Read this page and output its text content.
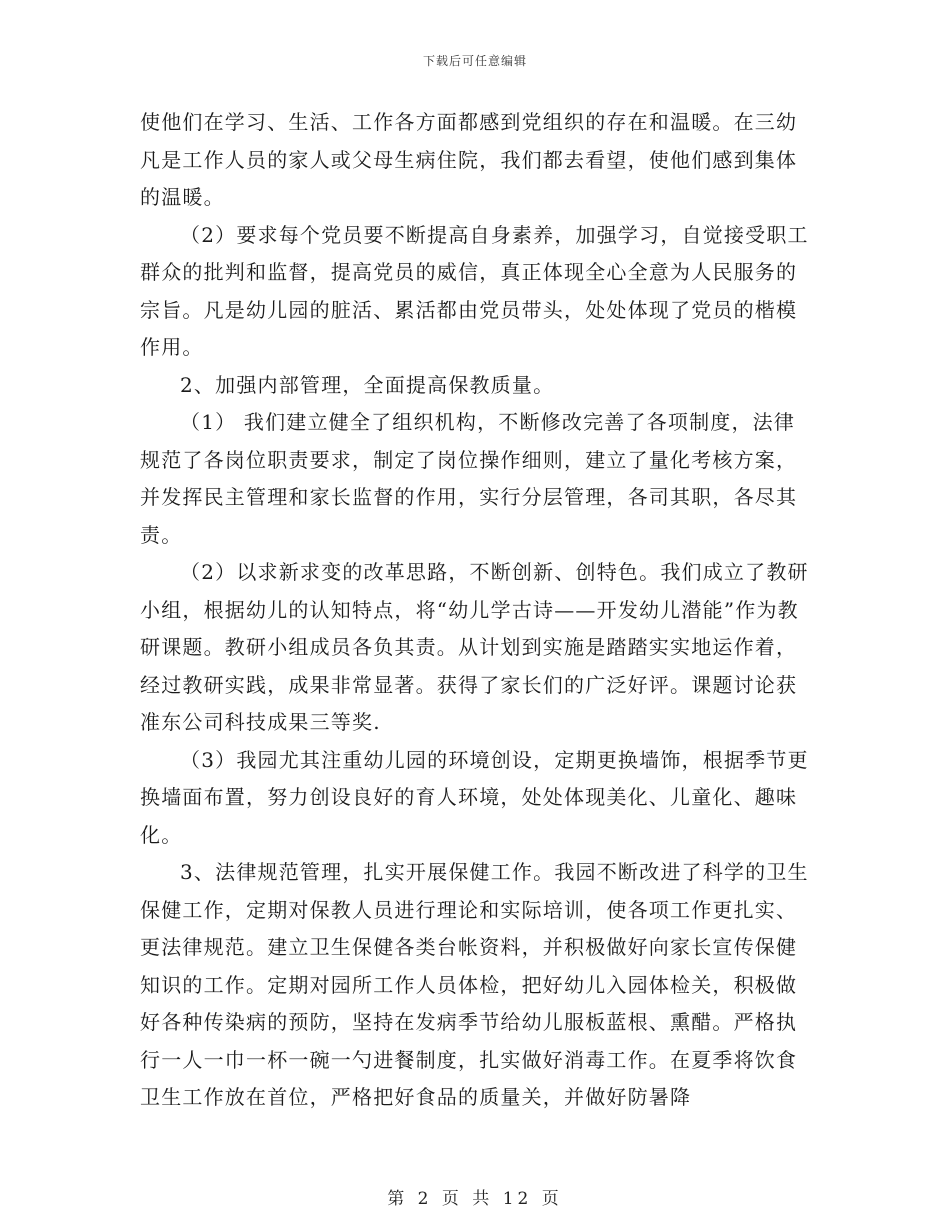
下载后可任意编辑

使他们在学习、生活、工作各方面都感到党组织的存在和温暖。在三幼凡是工作人员的家人或父母生病住院，我们都去看望，使他们感到集体的温暖。

（2）要求每个党员要不断提高自身素养，加强学习，自觉接受职工群众的批判和监督，提高党员的威信，真正体现全心全意为人民服务的宗旨。凡是幼儿园的脏活、累活都由党员带头，处处体现了党员的楷模作用。

2、加强内部管理，全面提高保教质量。

（1） 我们建立健全了组织机构，不断修改完善了各项制度，法律规范了各岗位职责要求，制定了岗位操作细则，建立了量化考核方案，并发挥民主管理和家长监督的作用，实行分层管理，各司其职，各尽其责。

（2）以求新求变的改革思路，不断创新、创特色。我们成立了教研小组，根据幼儿的认知特点，将“幼儿学古诗——开发幼儿潜能”作为教研课题。教研小组成员各负其责。从计划到实施是踏踏实实地运作着，经过教研实践，成果非常显著。获得了家长们的广泛好评。课题讨论获准东公司科技成果三等奖.

（3）我园尤其注重幼儿园的环境创设，定期更换墙饰，根据季节更换墙面布置，努力创设良好的育人环境，处处体现美化、儿童化、趣味化。

3、法律规范管理，扎实开展保健工作。我园不断改进了科学的卫生保健工作，定期对保教人员进行理论和实际培训，使各项工作更扎实、更法律规范。建立卫生保健各类台帐资料，并积极做好向家长宣传保健知识的工作。定期对园所工作人员体检，把好幼儿入园体检关，积极做好各种传染病的预防，坚持在发病季节给幼儿服板蓝根、熏醋。严格执行一人一巾一杯一碗一勺进餐制度，扎实做好消毒工作。在夏季将饮食卫生工作放在首位，严格把好食品的质量关，并做好防暑降

第 2 页 共 12 页
